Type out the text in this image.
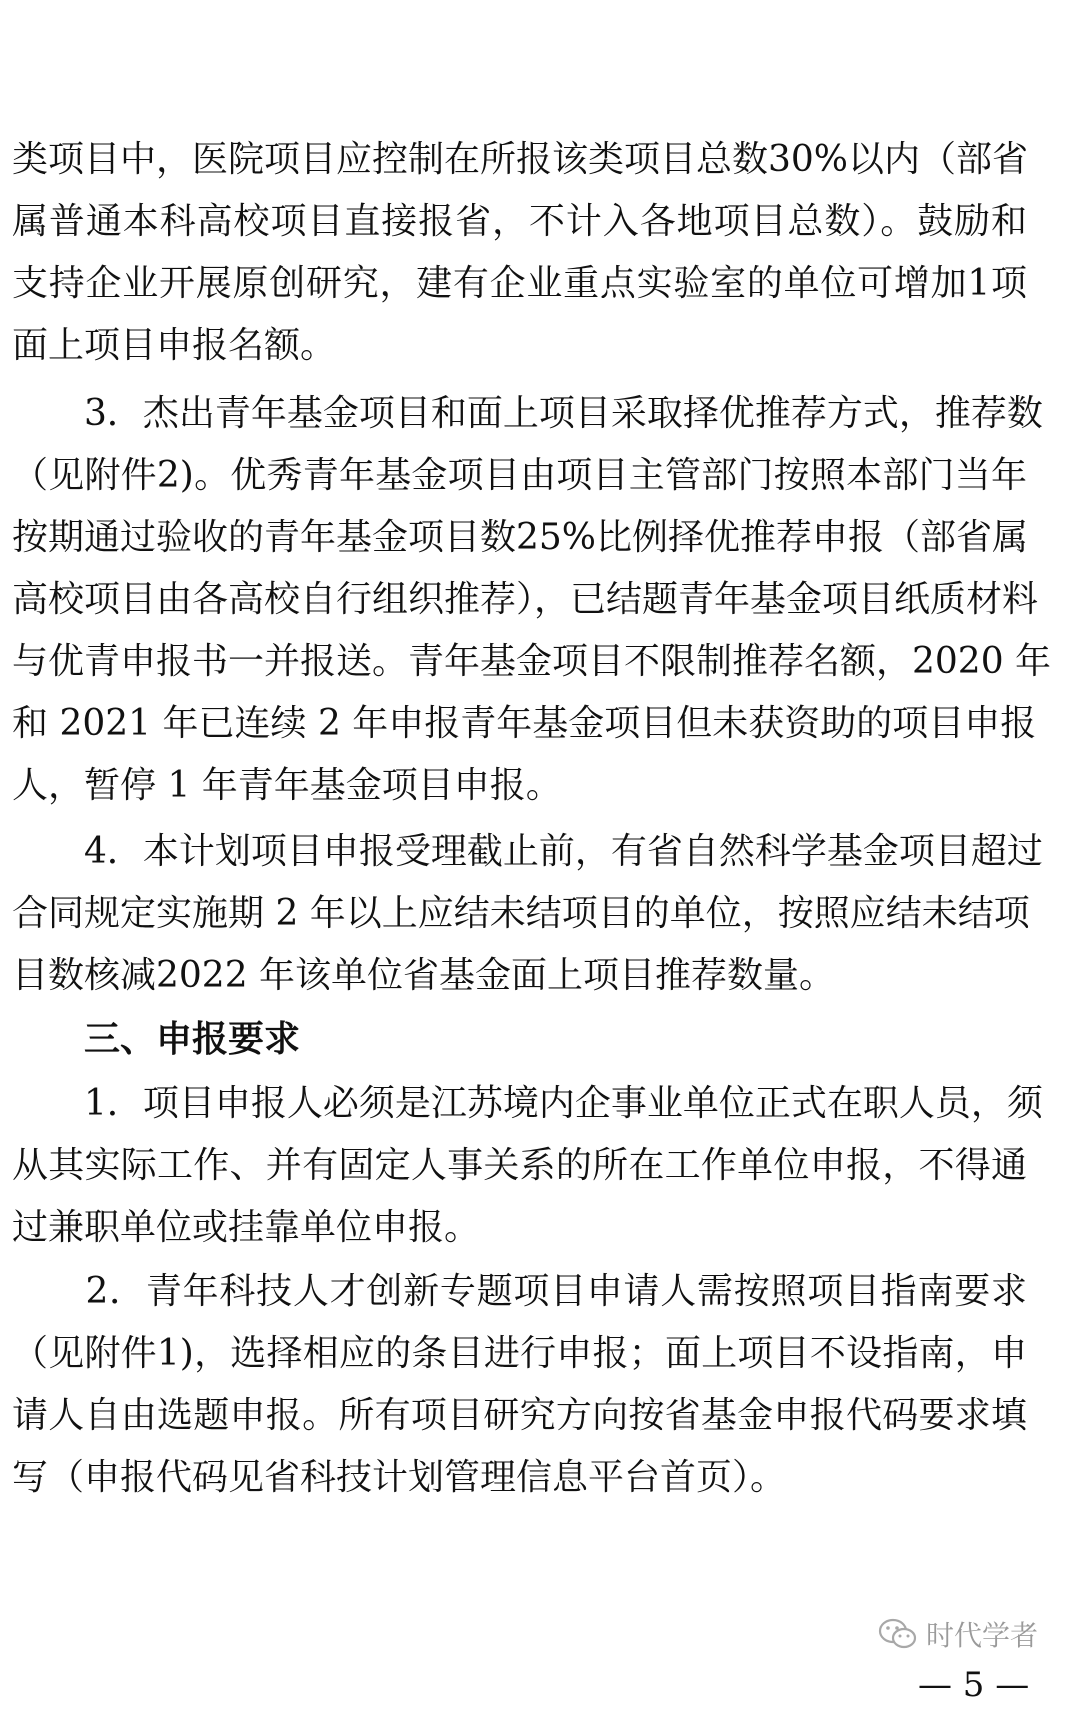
类项目中，医院项目应控制在所报该类项目总数30%以内（部省
属普通本科高校项目直接报省，不计入各地项目总数）。鼓励和
支持企业开展原创研究，建有企业重点实验室的单位可增加1项
面上项目申报名额。
　　3．杰出青年基金项目和面上项目采取择优推荐方式，推荐数
（见附件2)。优秀青年基金项目由项目主管部门按照本部门当年
按期通过验收的青年基金项目数25%比例择优推荐申报（部省属
高校项目由各高校自行组织推荐），已结题青年基金项目纸质材料
与优青申报书一并报送。青年基金项目不限制推荐名额，2020 年
和 2021 年已连续 2 年申报青年基金项目但未获资助的项目申报
人，暂停 1 年青年基金项目申报。
　　4．本计划项目申报受理截止前，有省自然科学基金项目超过
合同规定实施期 2 年以上应结未结项目的单位，按照应结未结项
目数核减2022 年该单位省基金面上项目推荐数量。
三、申报要求
　　1．项目申报人必须是江苏境内企事业单位正式在职人员，须
从其实际工作、并有固定人事关系的所在工作单位申报，不得通
过兼职单位或挂靠单位申报。
　　2．青年科技人才创新专题项目申请人需按照项目指南要求
（见附件1)，选择相应的条目进行申报；面上项目不设指南，申
请人自由选题申报。所有项目研究方向按省基金申报代码要求填
写（申报代码见省科技计划管理信息平台首页）。
时代学者
— 5 —
